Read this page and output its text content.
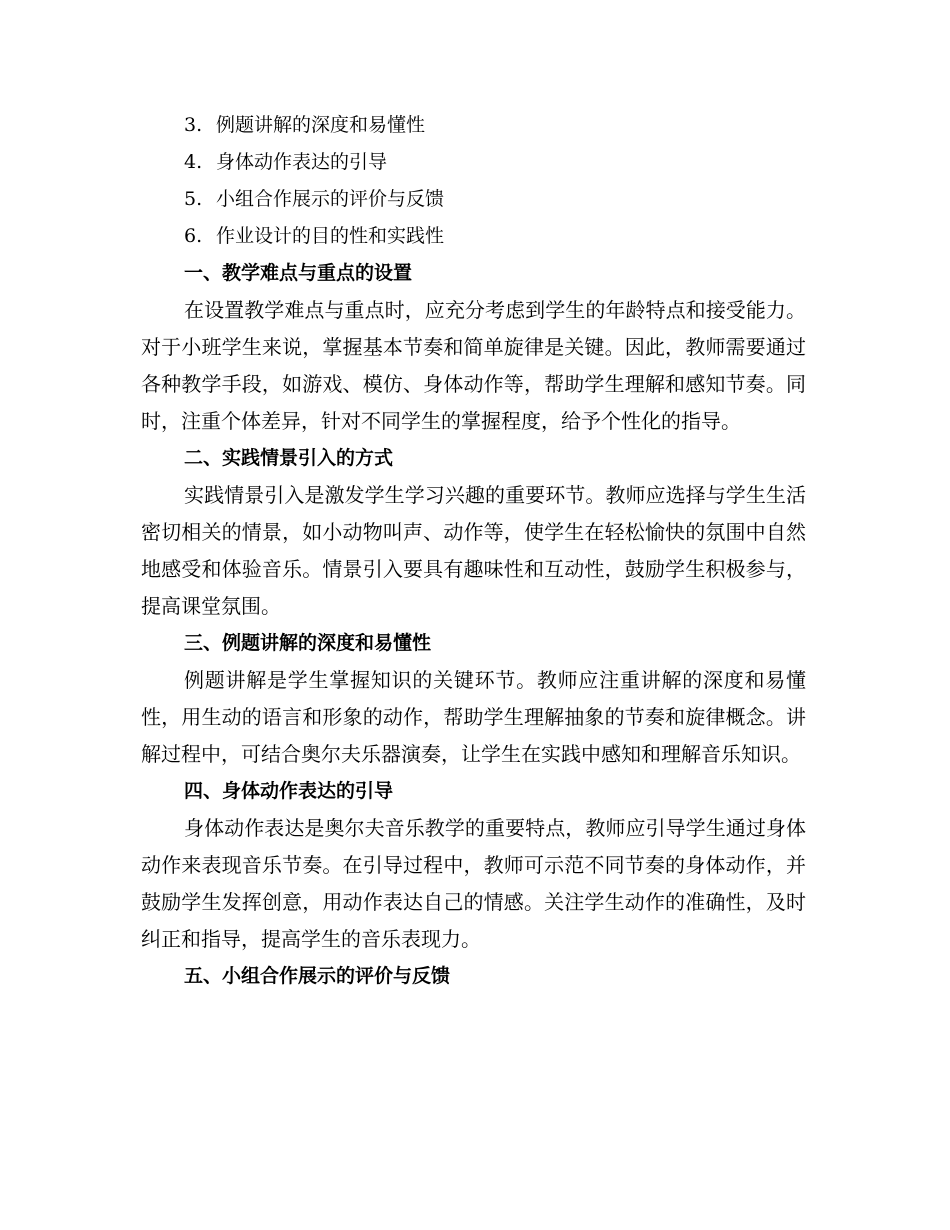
3. 例题讲解的深度和易懂性
4. 身体动作表达的引导
5. 小组合作展示的评价与反馈
6. 作业设计的目的性和实践性
一、教学难点与重点的设置

在设置教学难点与重点时，应充分考虑到学生的年龄特点和接受能力。对于小班学生来说，掌握基本节奏和简单旋律是关键。因此，教师需要通过各种教学手段，如游戏、模仿、身体动作等，帮助学生理解和感知节奏。同时，注重个体差异，针对不同学生的掌握程度，给予个性化的指导。

二、实践情景引入的方式

实践情景引入是激发学生学习兴趣的重要环节。教师应选择与学生生活密切相关的情景，如小动物叫声、动作等，使学生在轻松愉快的氛围中自然地感受和体验音乐。情景引入要具有趣味性和互动性，鼓励学生积极参与，提高课堂氛围。

三、例题讲解的深度和易懂性

例题讲解是学生掌握知识的关键环节。教师应注重讲解的深度和易懂性，用生动的语言和形象的动作，帮助学生理解抽象的节奏和旋律概念。讲解过程中，可结合奥尔夫乐器演奏，让学生在实践中感知和理解音乐知识。

四、身体动作表达的引导

身体动作表达是奥尔夫音乐教学的重要特点，教师应引导学生通过身体动作来表现音乐节奏。在引导过程中，教师可示范不同节奏的身体动作，并鼓励学生发挥创意，用动作表达自己的情感。关注学生动作的准确性，及时纠正和指导，提高学生的音乐表现力。

五、小组合作展示的评价与反馈
